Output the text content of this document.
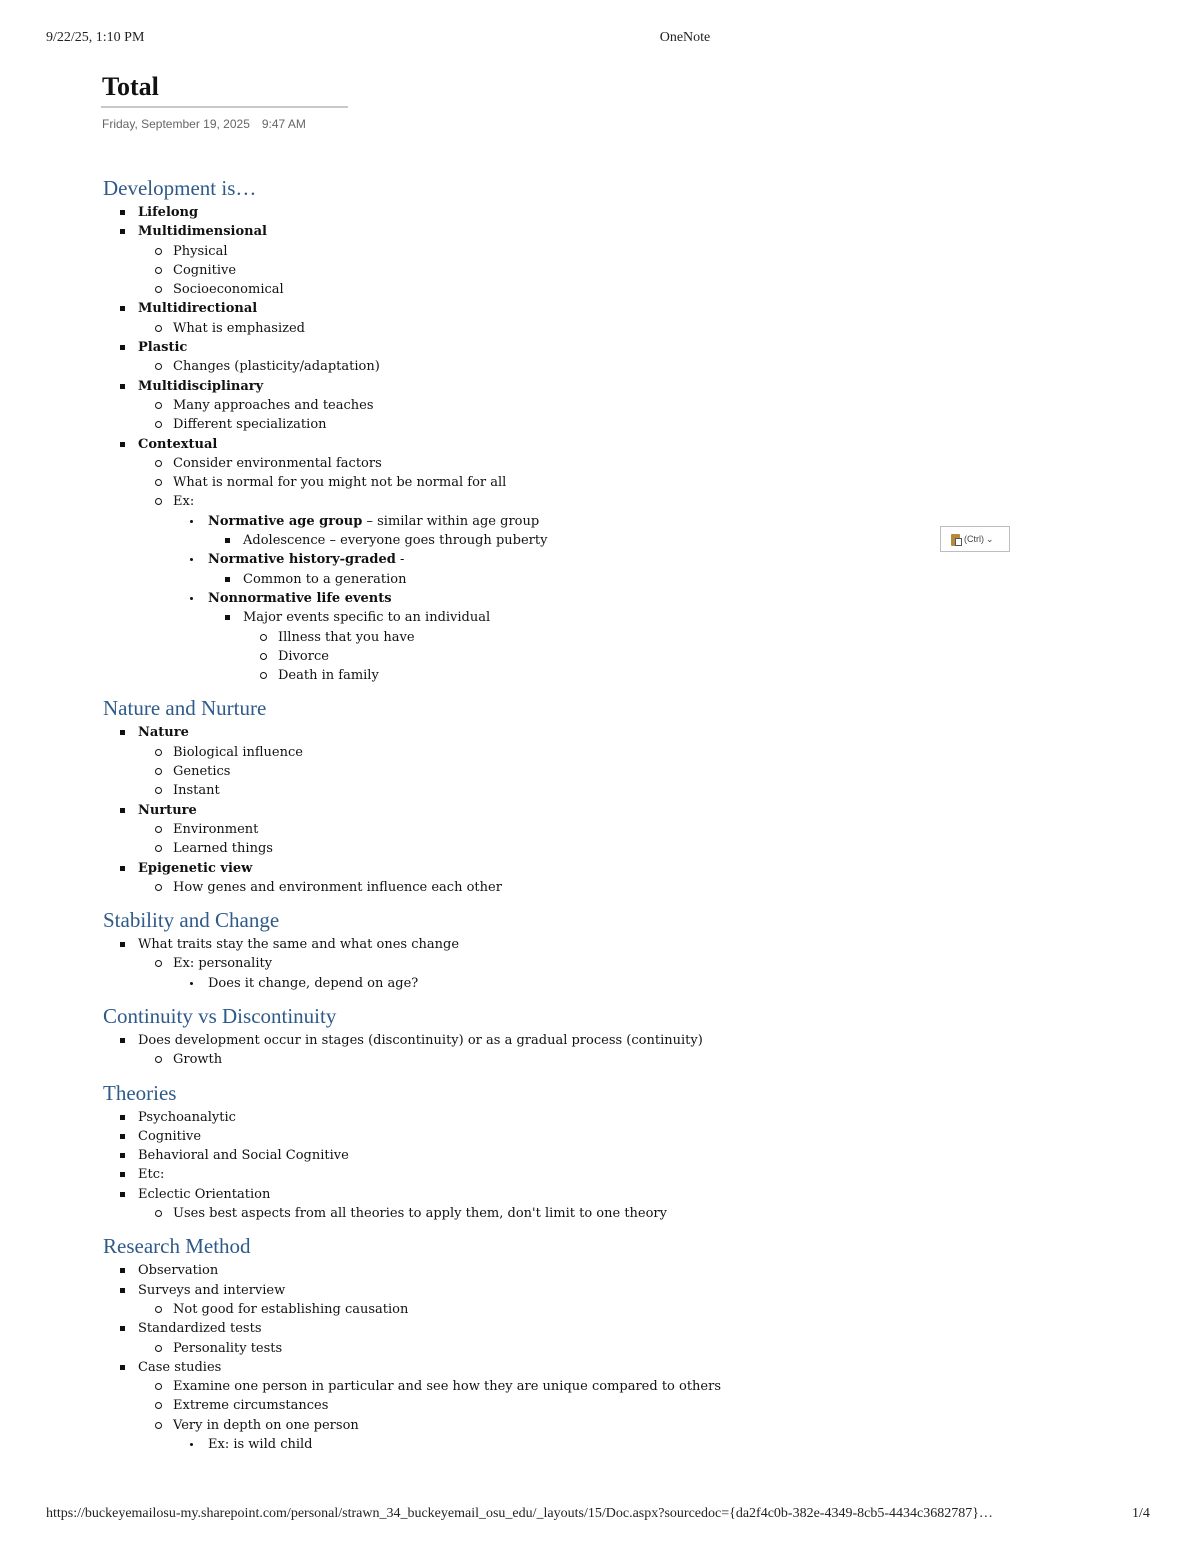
9/22/25, 1:10 PM	OneNote
Total
Friday, September 19, 2025 9:47 AM
(Ctrl) ⌄
Development is…
Lifelong
Multidimensional
Physical
Cognitive
Socioeconomical
Multidirectional
What is emphasized
Plastic
Changes (plasticity/adaptation)
Multidisciplinary
Many approaches and teaches
Different specialization
Contextual
Consider environmental factors
What is normal for you might not be normal for all
Ex:
Normative age group – similar within age group
Adolescence – everyone goes through puberty
Normative history-graded -
Common to a generation
Nonnormative life events
Major events specific to an individual
Illness that you have
Divorce
Death in family
Nature and Nurture
Nature
Biological influence
Genetics
Instant
Nurture
Environment
Learned things
Epigenetic view
How genes and environment influence each other
Stability and Change
What traits stay the same and what ones change
Ex: personality
Does it change, depend on age?
Continuity vs Discontinuity
Does development occur in stages (discontinuity) or as a gradual process (continuity)
Growth
Theories
Psychoanalytic
Cognitive
Behavioral and Social Cognitive
Etc:
Eclectic Orientation
Uses best aspects from all theories to apply them, don't limit to one theory
Research Method
Observation
Surveys and interview
Not good for establishing causation
Standardized tests
Personality tests
Case studies
Examine one person in particular and see how they are unique compared to others
Extreme circumstances
Very in depth on one person
Ex: is wild child
https://buckeyemailosu-my.sharepoint.com/personal/strawn_34_buckeyemail_osu_edu/_layouts/15/Doc.aspx?sourcedoc={da2f4c0b-382e-4349-8cb5-4434c3682787}…	1/4
